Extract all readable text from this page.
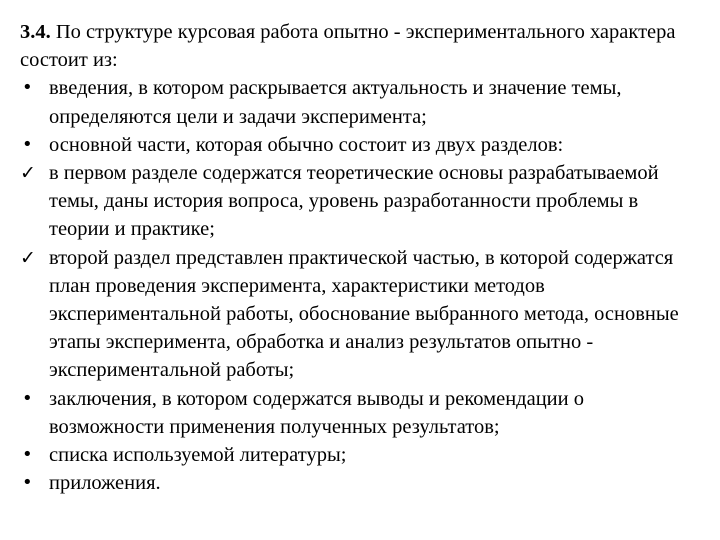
3.4. По структуре курсовая работа опытно - экспериментального характера состоит из:

• введения, в котором раскрывается актуальность и значение темы, определяются цели и задачи эксперимента;
• основной части, которая обычно состоит из двух разделов:
✓ в первом разделе содержатся теоретические основы разрабатываемой темы, даны история вопроса, уровень разработанности проблемы в теории и практике;
✓ второй раздел представлен практической частью, в которой содержатся план проведения эксперимента, характеристики методов экспериментальной работы, обоснование выбранного метода, основные этапы эксперимента, обработка и анализ результатов опытно - экспериментальной работы;
• заключения, в котором содержатся выводы и рекомендации о возможности применения полученных результатов;
• списка используемой литературы;
• приложения.
